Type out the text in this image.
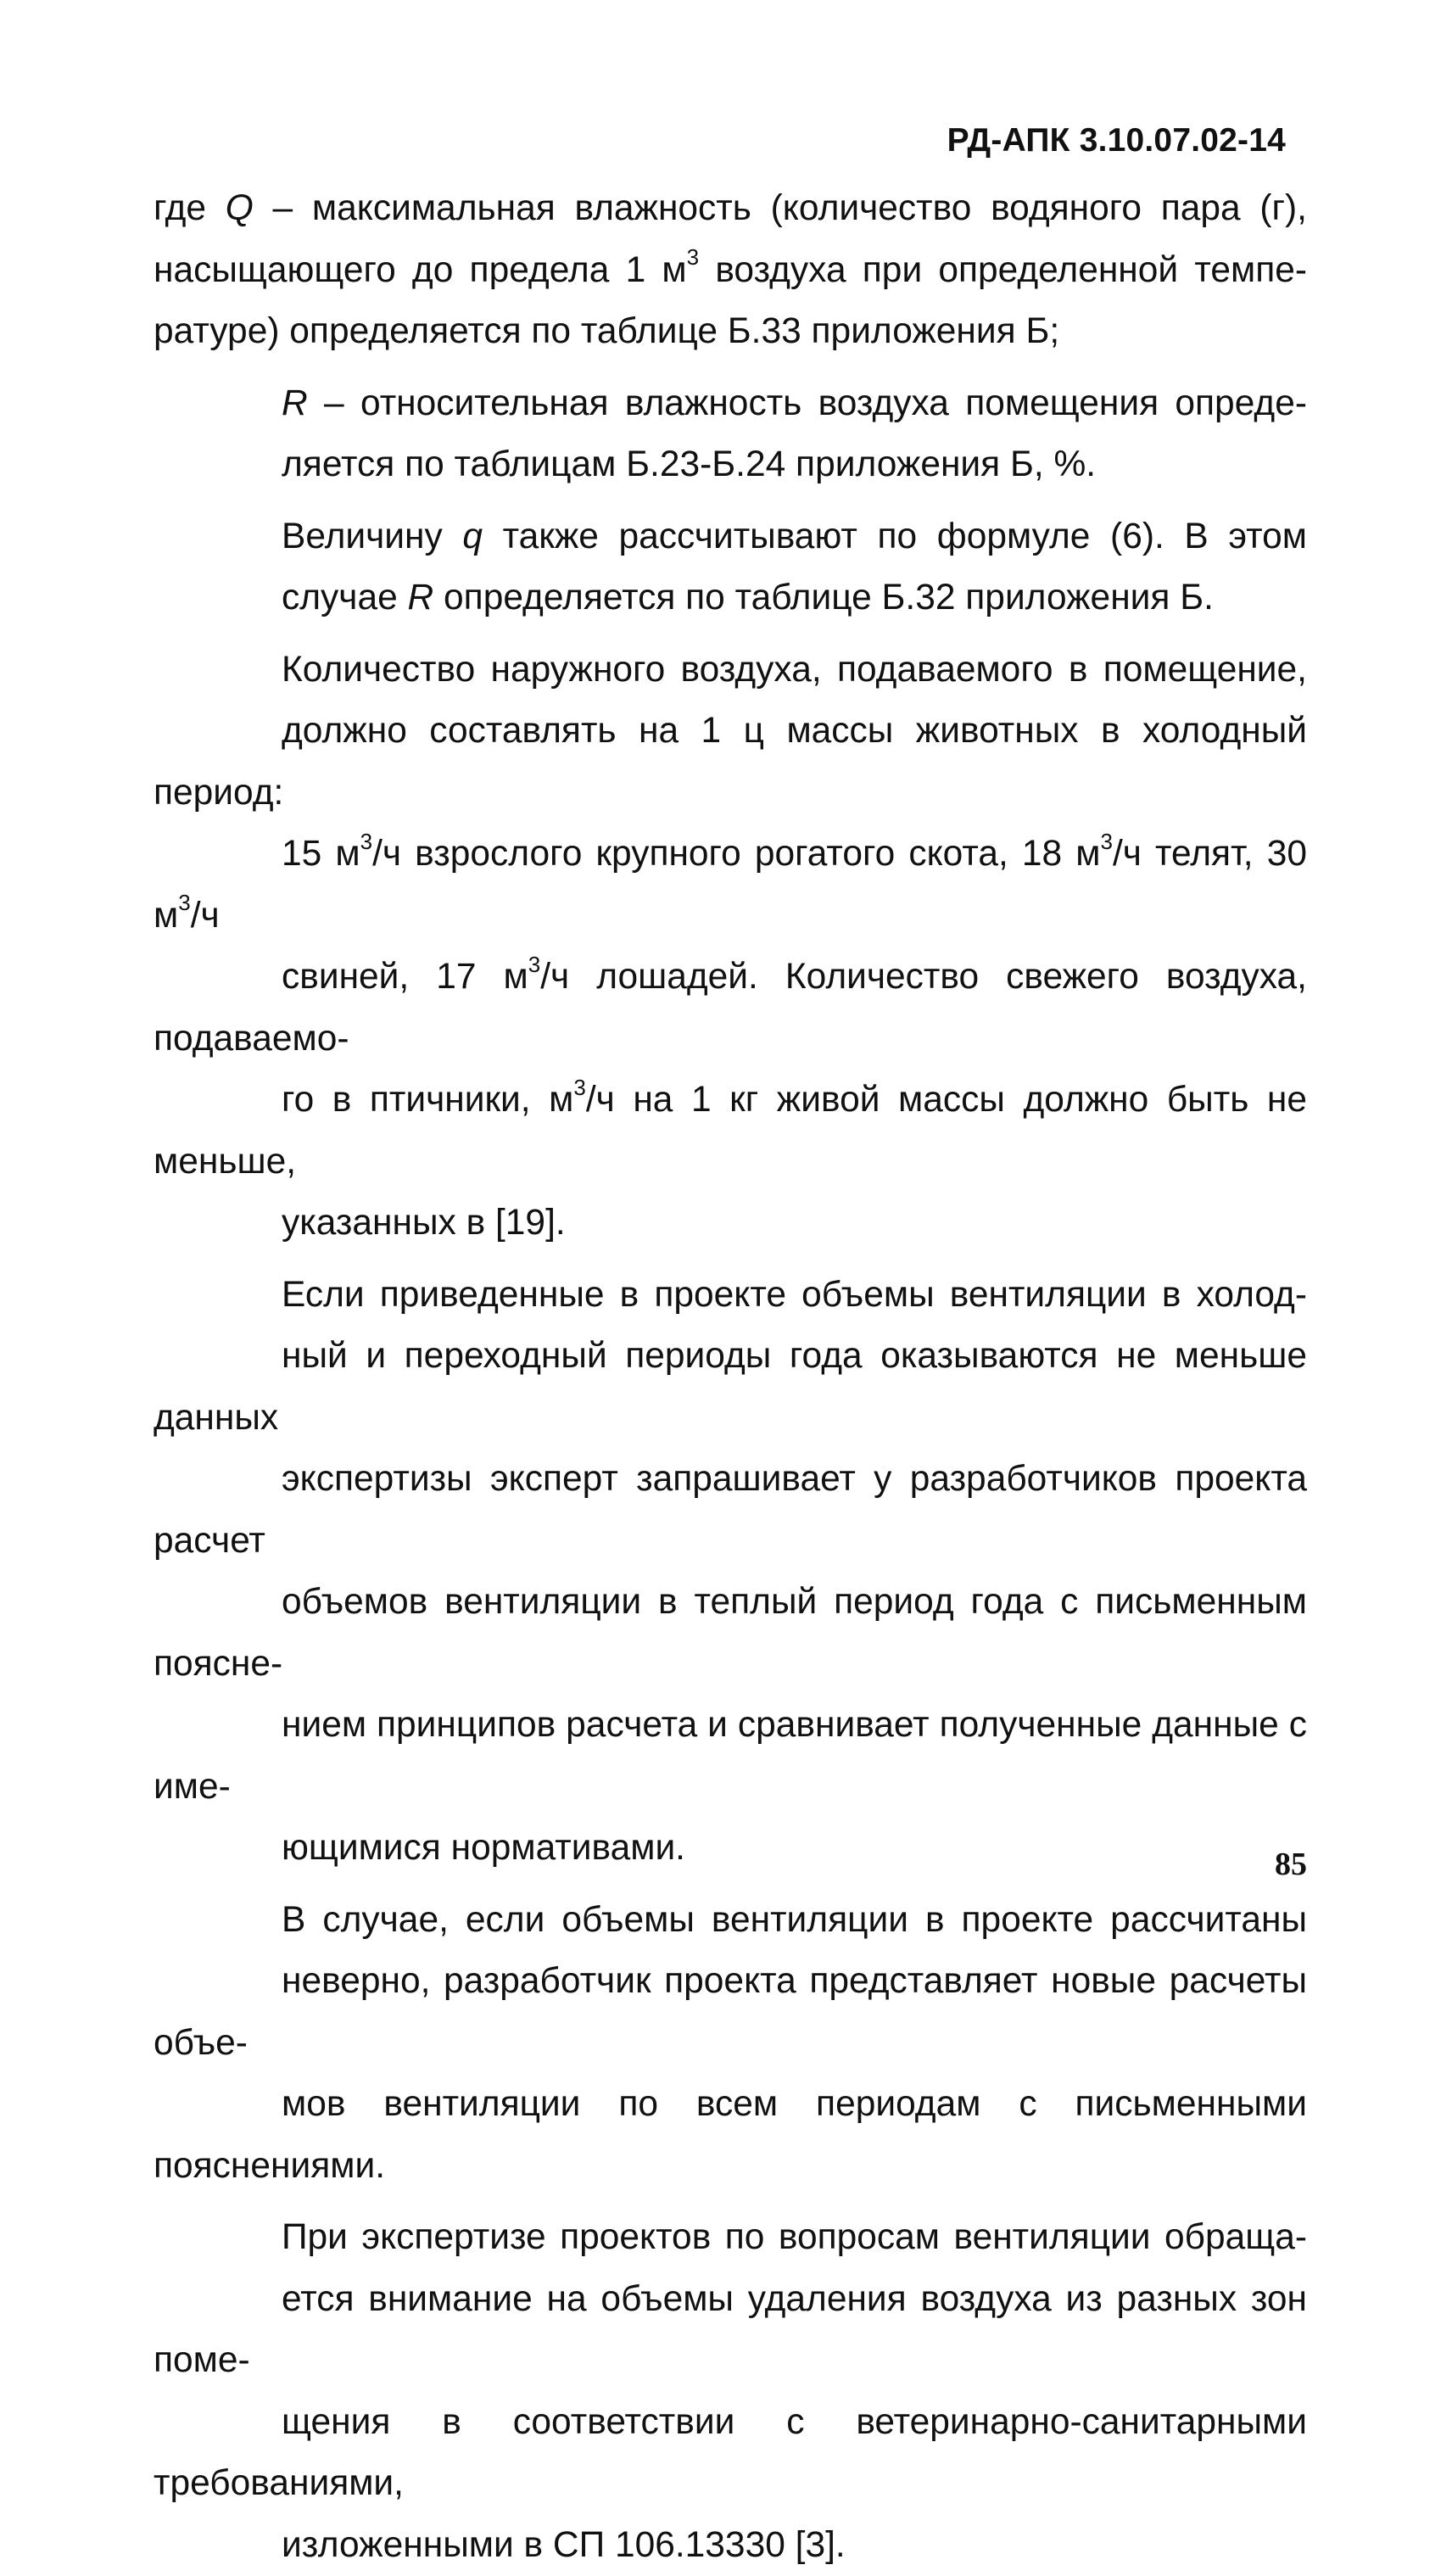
РД-АПК 3.10.07.02-14
где Q – максимальная влажность (количество водяного пара (г),
насыщающего до предела 1 $м^3$ воздуха при определенной темпе-
ратуре) определяется по таблице Б.33 приложения Б;
R – относительная влажность воздуха помещения опреде-
ляется по таблицам Б.23-Б.24 приложения Б, %.
Величину q также рассчитывают по формуле (6). В этом
случае R определяется по таблице Б.32 приложения Б.
Количество наружного воздуха, подаваемого в помещение,
должно составлять на 1 ц массы животных в холодный период:
15 $м^3/ч$ взрослого крупного рогатого скота, 18 $м^3/ч$ телят, 30 $м^3/ч$
свиней, 17 $м^3/ч$ лошадей. Количество свежего воздуха, подаваемо-
го в птичники, $м^3/ч$ на 1 кг живой массы должно быть не меньше,
указанных в [19].
Если приведенные в проекте объемы вентиляции в холод-
ный и переходный периоды года оказываются не меньше данных
экспертизы эксперт запрашивает у разработчиков проекта расчет
объемов вентиляции в теплый период года с письменным поясне-
нием принципов расчета и сравнивает полученные данные с име-
ющимися нормативами.
В случае, если объемы вентиляции в проекте рассчитаны
неверно, разработчик проекта представляет новые расчеты объе-
мов вентиляции по всем периодам с письменными пояснениями.
При экспертизе проектов по вопросам вентиляции обраща-
ется внимание на объемы удаления воздуха из разных зон поме-
щения в соответствии с ветеринарно-санитарными требованиями,
изложенными в СП 106.13330 [3].
85
